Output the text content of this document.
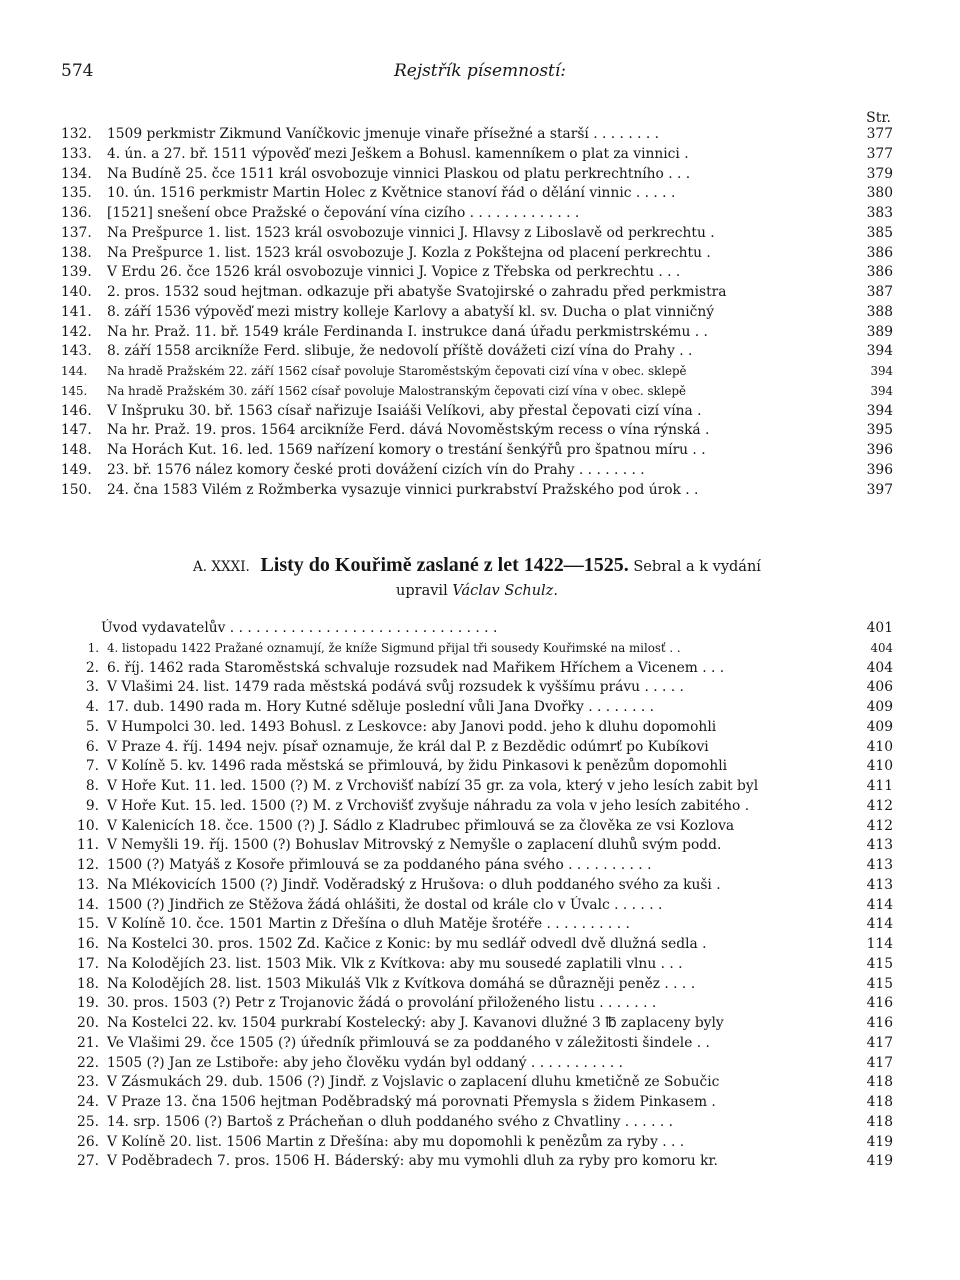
574	Rejstřík písemností:
Str.
132.	1509 perkmistr Zikmund Vaníčkovic jmenuje vinaře přísežné a starší . . . . . . . .	377
133.	4. ún. a 27. bř. 1511 výpověď mezi Ješkem a Bohusl. kamenníkem o plat za vinnici .	377
134.	Na Budíně 25. čce 1511 král osvobozuje vinnici Plaskou od platu perkrechtního . . .	379
135.	10. ún. 1516 perkmistr Martin Holec z Květnice stanoví řád o dělání vinnic . . . . .	380
136.	[1521] snešení obce Pražské o čepování vína cizího . . . . . . . . . . . . .	383
137.	Na Prešpurce 1. list. 1523 král osvobozuje vinnici J. Hlavsy z Liboslavě od perkrechtu .	385
138.	Na Prešpurce 1. list. 1523 král osvobozuje J. Kozla z Pokštejna od placení perkrechtu .	386
139.	V Erdu 26. čce 1526 král osvobozuje vinnici J. Vopice z Třebska od perkrechtu . . .	386
140.	2. pros. 1532 soud hejtman. odkazuje při abatyše Svatojirské o zahradu před perkmistra	387
141.	8. září 1536 výpověď mezi mistry kolleje Karlovy a abatyší kl. sv. Ducha o plat vinničný	388
142.	Na hr. Praž. 11. bř. 1549 krále Ferdinanda I. instrukce daná úřadu perkmistrskému . .	389
143.	8. září 1558 arcikníže Ferd. slibuje, že nedovolí příště dovážeti cizí vína do Prahy . .	394
144.	Na hradě Pražském 22. září 1562 císař povoluje Staroměstským čepovati cizí vína v obec. sklepě	394
145.	Na hradě Pražském 30. září 1562 císař povoluje Malostranským čepovati cizí vína v obec. sklepě	394
146.	V Inšpruku 30. bř. 1563 císař nařizuje Isaiáši Velíkovi, aby přestal čepovati cizí vína .	394
147.	Na hr. Praž. 19. pros. 1564 arcikníže Ferd. dává Novoměstským recess o vína rýnská .	395
148.	Na Horách Kut. 16. led. 1569 nařízení komory o trestání šenkýřů pro špatnou míru . .	396
149.	23. bř. 1576 nález komory české proti dovážení cizích vín do Prahy . . . . . . . .	396
150.	24. čna 1583 Vilém z Rožmberka vysazuje vinnici purkrabství Pražského pod úrok . .	397
A. XXXI. Listy do Kouřimě zaslané z let 1422—1525. Sebral a k vydání
upravil Václav Schulz.
Úvod vydavatelův . . . . . . . . . . . . . . . . . . . . . . . . . . . . . . .	401
1. 4. listopadu 1422 Pražané oznamují, že kníže Sigmund přijal tři sousedy Kouřimské na milosť . .	404
2. 6. říj. 1462 rada Staroměstská schvaluje rozsudek nad Mařikem Hříchem a Vicenem . . .	404
3. V Vlašimi 24. list. 1479 rada městská podává svůj rozsudek k vyššímu právu . . . . .	406
4. 17. dub. 1490 rada m. Hory Kutné sděluje poslední vůli Jana Dvořky . . . . . . . .	409
5. V Humpolci 30. led. 1493 Bohusl. z Leskovce: aby Janovi podd. jeho k dluhu dopomohli	409
6. V Praze 4. říj. 1494 nejv. písař oznamuje, že král dal P. z Bezdědic odúmrť po Kubíkovi	410
7. V Kolíně 5. kv. 1496 rada městská se přimlouvá, by židu Pinkasovi k penězům dopomohli	410
8. V Hoře Kut. 11. led. 1500 (?) M. z Vrchovišť nabízí 35 gr. za vola, který v jeho lesích zabit byl	411
9. V Hoře Kut. 15. led. 1500 (?) M. z Vrchovišť zvyšuje náhradu za vola v jeho lesích zabitého .	412
10. V Kalenicích 18. čce. 1500 (?) J. Sádlo z Kladrubec přimlouvá se za člověka ze vsi Kozlova	412
11. V Nemyšli 19. říj. 1500 (?) Bohuslav Mitrovský z Nemyšle o zaplacení dluhů svým podd.	413
12. 1500 (?) Matyáš z Kosoře přimlouvá se za poddaného pána svého . . . . . . . . . .	413
13. Na Mlékovicích 1500 (?) Jindř. Voděradský z Hrušova: o dluh poddaného svého za kuši .	413
14. 1500 (?) Jindřich ze Stěžova žádá ohlášiti, že dostal od krále clo v Úvalc . . . . . .	414
15. V Kolíně 10. čce. 1501 Martin z Dřešína o dluh Matěje šrotéře . . . . . . . . . .	414
16. Na Kostelci 30. pros. 1502 Zd. Kačice z Konic: by mu sedlář odvedl dvě dlužná sedla .	114
17. Na Kolodějích 23. list. 1503 Mik. Vlk z Kvítkova: aby mu sousedé zaplatili vlnu . . .	415
18. Na Kolodějích 28. list. 1503 Mikuláš Vlk z Kvítkova domáhá se důrazněji peněz . . . .	415
19. 30. pros. 1503 (?) Petr z Trojanovic žádá o provolání přiloženého listu . . . . . . .	416
20. Na Kostelci 22. kv. 1504 purkrabí Kostelecký: aby J. Kavanovi dlužné 3 ℔ zaplaceny byly	416
21. Ve Vlašimi 29. čce 1505 (?) úředník přimlouvá se za poddaného v záležitosti šindele . .	417
22. 1505 (?) Jan ze Lstiboře: aby jeho člověku vydán byl oddaný . . . . . . . . . . .	417
23. V Zásmukách 29. dub. 1506 (?) Jindř. z Vojslavic o zaplacení dluhu kmetičně ze Sobučic	418
24. V Praze 13. čna 1506 hejtman Poděbradský má porovnati Přemysla s židem Pinkasem .	418
25. 14. srp. 1506 (?) Bartoš z Prácheňan o dluh poddaného svého z Chvatliny . . . . . .	418
26. V Kolíně 20. list. 1506 Martin z Dřešína: aby mu dopomohli k penězům za ryby . . .	419
27. V Poděbradech 7. pros. 1506 H. Báderský: aby mu vymohli dluh za ryby pro komoru kr.	419
